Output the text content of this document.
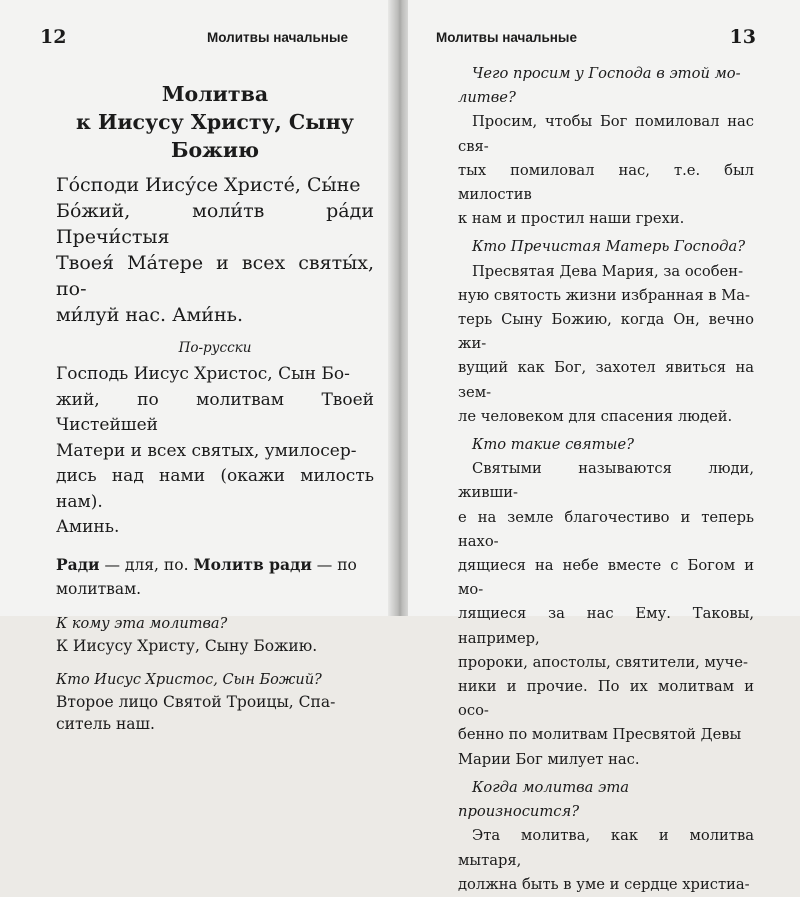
12	Молитвы начальные
Молитва
к Иисусу Христу, Сыну
Божию
Го́споди Иису́се Христе́, Сы́не
Бо́жий, моли́тв ра́ди Пречи́стыя
Твоея́ Ма́тере и всех святы́х, по-
ми́луй нас. Ами́нь.
По-русски
Господь Иисус Христос, Сын Бо-
жий, по молитвам Твоей Чистейшей
Матери и всех святых, умилосер-
дись над нами (окажи милость нам).
Аминь.
Ради — для, по. Молитв ради — по
молитвам.

К кому эта молитва?

К Иисусу Христу, Сыну Божию.

Кто Иисус Христос, Сын Божий?

Второе лицо Святой Троицы, Спа-

ситель наш.

Молитвы начальные	13

Чего просим у Господа в этой мо-

литве?

Просим, чтобы Бог помиловал нас свя-

тых помиловал нас, т.е. был милостив

к нам и простил наши грехи.

Кто Пречистая Матерь Господа?

Пресвятая Дева Мария, за особен-

ную святость жизни избранная в Ма-

терь Сыну Божию, когда Он, вечно жи-

вущий как Бог, захотел явиться на зем-

ле человеком для спасения людей.

Кто такие святые?

Святыми называются люди, живши-

е на земле благочестиво и теперь нахо-

дящиеся на небе вместе с Богом и мо-

лящиеся за нас Ему. Таковы, например,

пророки, апостолы, святители, муче-

ники и прочие. По их молитвам и осо-

бенно по молитвам Пресвятой Девы

Марии Бог милует нас.

Когда молитва эта произносится?

Эта молитва, как и молитва мытаря,

должна быть в уме и сердце христиа-
